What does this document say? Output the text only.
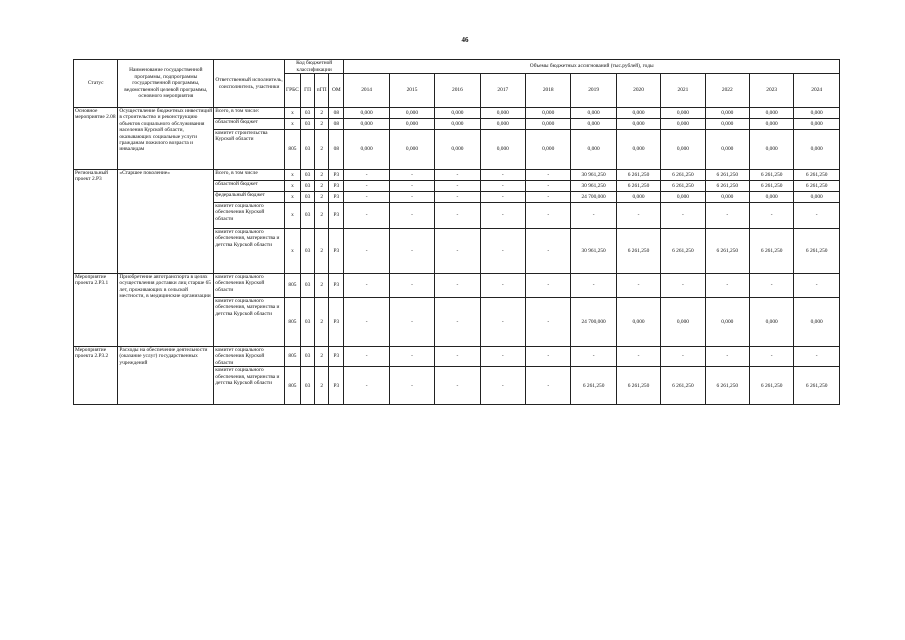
46
Статус	Наименование государственной программы, подпрограммы государственной программы, ведомственной целевой программы, основного мероприятия	Ответственный исполнитель, соисполнитель, участники	Код бюджетной классификации				Объемы бюджетных ассигнований (тыс.рублей), годы										
			ГРБС	ГП	пГП	ОМ	2014	2015	2016	2017	2018	2019	2020	2021	2022	2023	2024
Основное мероприятие 2.08	Осуществление бюджетных инвестиций в строительство и реконструкцию объектов социального обслуживания населения Курской области, оказывающих социальные услуги гражданам пожилого возраста и инвалидам	Всего, в том числе:	х	03	2	08	0,000	0,000	0,000	0,000	0,000	0,000	0,000	0,000	0,000	0,000	0,000
		областной бюджет	х	03	2	08	0,000	0,000	0,000	0,000	0,000	0,000	0,000	0,000	0,000	0,000	0,000
		комитет строительства Курской области	805	03	2	08	0,000	0,000	0,000	0,000	0,000	0,000	0,000	0,000	0,000	0,000	0,000
Региональный проект 2.Р3	«Старшее поколение»	Всего, в том числе	х	03	2	Р3	-	-	-	-	-	30 961,250	6 261,250	6 261,250	6 261,250	6 261,250	6 261,250
		областной бюджет	х	03	2	Р3	-	-	-	-	-	30 961,250	6 261,250	6 261,250	6 261,250	6 261,250	6 261,250
		федеральный бюджет	х	03	2	Р3	-	-	-	-	-	24 700,000	0,000	0,000	0,000	0,000	0,000
		комитет социального обеспечения Курской области	х	03	2	Р3	-	-	-	-	-	-	-	-	-	-	-
		комитет социального обеспечения, материнства и детства Курской области	х	03	2	Р3	-	-	-	-	-	30 961,250	6 261,250	6 261,250	6 261,250	6 261,250	6 261,250
Мероприятие проекта 2.Р3.1	Приобретение автотранспорта в целях осуществления доставки лиц старше 65 лет, проживающих в сельской местности, в медицинские организации	комитет социального обеспечения Курской области	805	03	2	Р3	-	-	-	-	-	-	-	-	-	-	-
		комитет социального обеспечения, материнства и детства Курской области	805	03	2	Р3	-	-	-	-	-	24 700,000	0,000	0,000	0,000	0,000	0,000
Мероприятие проекта 2.Р3.2	Расходы на обеспечение деятельности (оказание услуг) государственных учреждений	комитет социального обеспечения Курской области	805	03	2	Р3	-	-	-	-	-	-	-	-	-	-	-
		комитет социального обеспечения, материнства и детства Курской области	805	03	2	Р3	-	-	-	-	-	6 261,250	6 261,250	6 261,250	6 261,250	6 261,250	6 261,250
